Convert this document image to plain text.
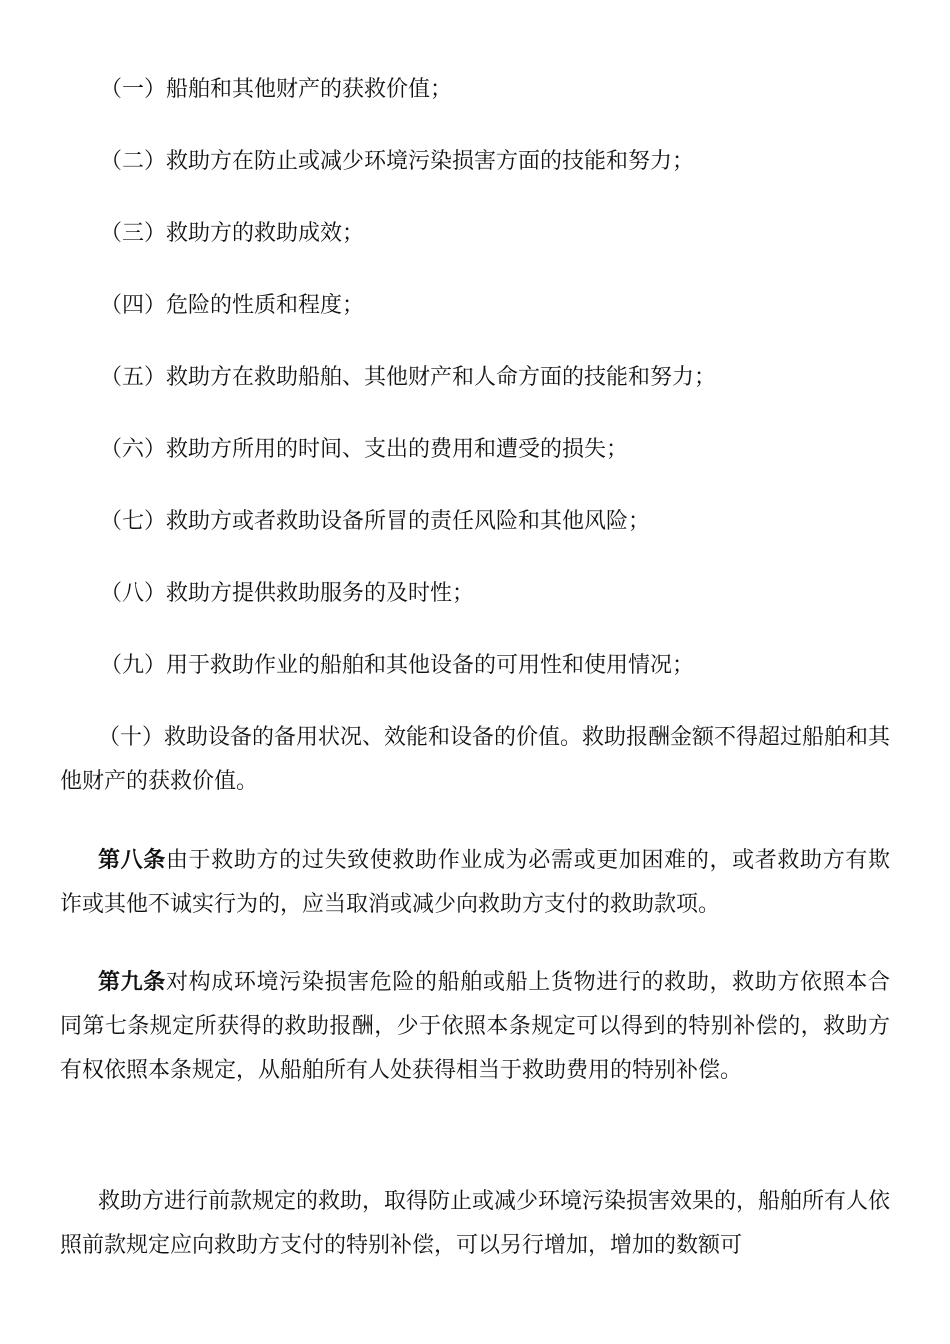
（一）船舶和其他财产的获救价值；
（二）救助方在防止或减少环境污染损害方面的技能和努力；
（三）救助方的救助成效；
（四）危险的性质和程度；
（五）救助方在救助船舶、其他财产和人命方面的技能和努力；
（六）救助方所用的时间、支出的费用和遭受的损失；
（七）救助方或者救助设备所冒的责任风险和其他风险；
（八）救助方提供救助服务的及时性；
（九）用于救助作业的船舶和其他设备的可用性和使用情况；
（十）救助设备的备用状况、效能和设备的价值。救助报酬金额不得超过船舶和其他财产的获救价值。
第八条由于救助方的过失致使救助作业成为必需或更加困难的，或者救助方有欺诈或其他不诚实行为的，应当取消或减少向救助方支付的救助款项。
第九条对构成环境污染损害危险的船舶或船上货物进行的救助，救助方依照本合同第七条规定所获得的救助报酬，少于依照本条规定可以得到的特别补偿的，救助方有权依照本条规定，从船舶所有人处获得相当于救助费用的特别补偿。
救助方进行前款规定的救助，取得防止或减少环境污染损害效果的，船舶所有人依照前款规定应向救助方支付的特别补偿，可以另行增加，增加的数额可
